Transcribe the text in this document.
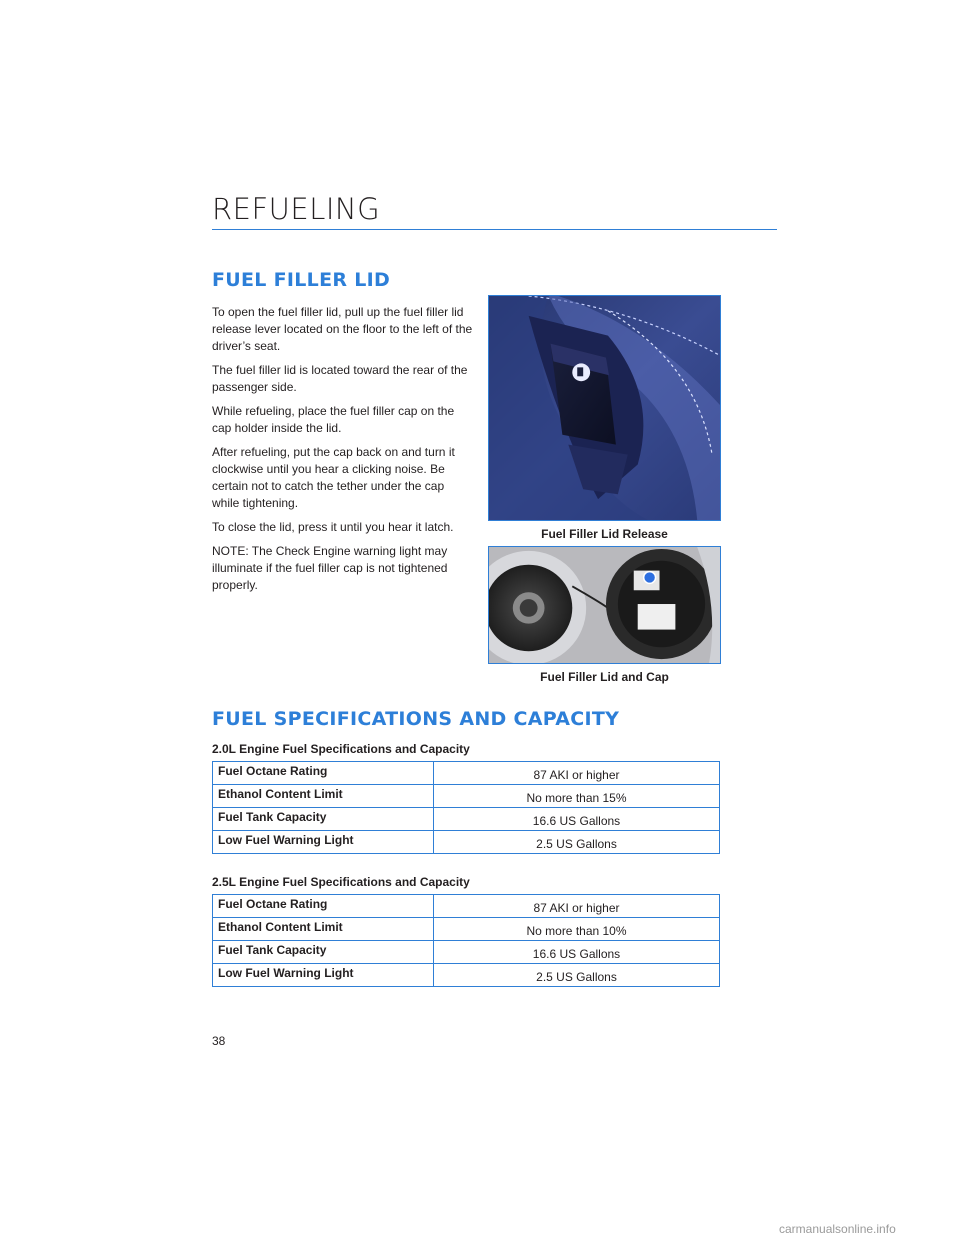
REFUELING
FUEL FILLER LID

To open the fuel filler lid, pull up the fuel filler lid release lever located on the floor to the left of the driver’s seat.

The fuel filler lid is located toward the rear of the passenger side.

While refueling, place the fuel filler cap on the cap holder inside the lid.

After refueling, put the cap back on and turn it clockwise until you hear a clicking noise. Be certain not to catch the tether under the cap while tightening.

To close the lid, press it until you hear it latch.

NOTE: The Check Engine warning light may illuminate if the fuel filler cap is not tightened properly.

Fuel Filler Lid Release
Fuel Filler Lid and Cap
FUEL SPECIFICATIONS AND CAPACITY
2.0L Engine Fuel Specifications and Capacity
Fuel Octane Rating	87 AKI or higher
Ethanol Content Limit	No more than 15%
Fuel Tank Capacity	16.6 US Gallons
Low Fuel Warning Light	2.5 US Gallons
2.5L Engine Fuel Specifications and Capacity
Fuel Octane Rating	87 AKI or higher
Ethanol Content Limit	No more than 10%
Fuel Tank Capacity	16.6 US Gallons
Low Fuel Warning Light	2.5 US Gallons
38
carmanualsonline.info
